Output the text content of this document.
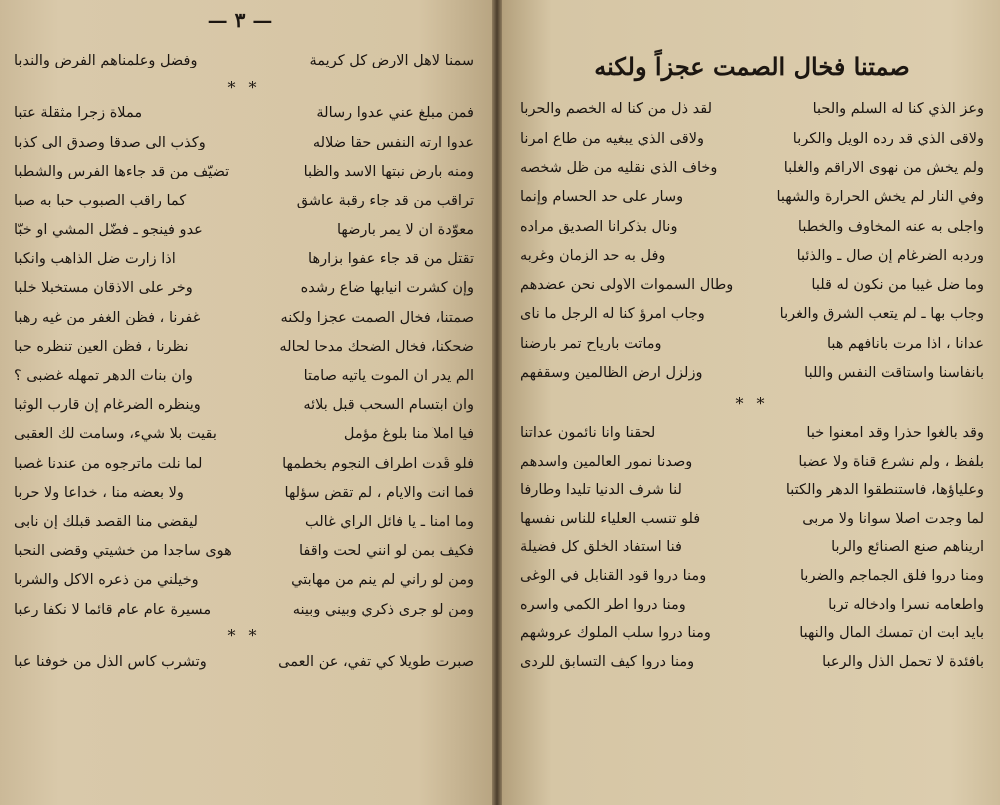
— ٣ —
سمنا لاهل الارض كل كريمة
وفضل وعلمناهم الفرض والندبا
* *
فمن مبلغ عني عدواً رسالة
مملاة زجراً مثقلة عتبا
عدواً أرته النفس حقاً ضلاله
وكذب الى صدقاً وصدق الى كذبا
ومنه بأرض نبتها الاسد والظبا
تضيّف من قد جاءها الفرس والشطبا
تراقب من قد جاء رقبة عاشق
كما راقب الصبوب حباً به صبا
معوّدة أن لا يمر بأرضها
عدو فينجو ـ فضّل المشي أو خبّا
تقتل من قد جاء عفواً بزأرها
اذا زأرت ضل الذاهب وانكبا
وإن كشرت أنيابها ضاع رشده
وخر على الأذقان مستخبلا خلبا
صمتنا، فخال الصمت عجزاً ولكنه
غفرنا ، فظن الغفر من غيه رهبا
ضحكنا، فخال الضحك مدحاً لحاله
نظرنا ، فظن العين تنظره حبا
ألم يدر أن الموت يأتيه صامتاً
وان بنات الدهر تمهله غضبى ؟
وأن ابتسام السحب قبل بلائه
وينظره الضرغام إن قارب الوثبا
فيا أملاً منا بلوغ مؤمل
بقيت بلا شيء، وسامت لك العقبى
فلو قُدت أطراف النجوم بخطمها
لما نلت ماترجوه من عندنا غصبا
فما أنت والايام ، لم تقض سؤلها
ولا بعضه منا ، خداعا ولا حربا
وما أمنا ـ يا فائل الرأي غالب
ليقضي منا القصد قبلك إن نابى
فكيف بمن لو أنني لحت واقفاً
هوى ساجداً من خشيتي وقضى النحبا
ومن لو رآني لم ينم من مهابتي
وخيلني من ذعره الاكل والشربا
ومن لو جرى ذكري وبيني وبينه
مسيرة عام عام قائماً لا نكفا رعبا
* *
صبرت طويلا كي تفي، عن العمى
وتشرب كأس الذل من خوفنا عبا
صمتنا فخال الصمت عجزاً ولكنه
وعز الذي كنا له السلم والحبا
لقد ذل من كنا له الخصم والحربا
ولاقى الذي قد رده الويل والكربا
ولاقى الذي يبغيه من طاع أمرنا
ولم يخش من نهوى الاراقم والغلبا
وخاف الذي نقليه من ظل شخصه
وفي النار لم يخش الحرارة والشهبا
وسار على حد الحسام وإنما
وأجلى به عنه المخاوف والخطبا
ونال بذكرانا الصديق مراده
وردبه الضرغام إن صال ـ والذئبا
وفل به حد الزمان وغربه
وما ضل غيباً من نكون له قلبا
وطال السموات الأولى نحن عضدهم
وجاب بها ـ لم يتعب الشرق والغربا
وجاب امرؤ كنا له الرجل ما نأى
عدانا ، اذا مرت بأنافهم هبا
وماتت بأرياح تمر بأرضنا
بأنفاسنا واستاقت النفس واللبا
وزلزل أرض الظالمين وسقفهم
* *
وقد بالغوا حذراً وقد أمعنوا خبا
لحقنا وانا نائمون عداتنا
بلفظ ، ولم نشرع قناة ولا عضبا
وصدنا نمور العالمين وأسدهم
وعلياؤها، فاستنطقوا الدهر والكتبا
لنا شرف الدنيا تليداً وطارفاً
لما وجدت أصلا سوانا ولا مربى
فلو تنسب العلياء للناس نفسها
أريناهم صنع الصنائع والربا
فنا استفاد الخلق كل فضيلة
ومنا دروا فلق الجماجم والضربا
ومنا دروا قود القنابل في الوغى
واطعامه نسراً وادخاله تربا
ومنا دروا أطر الكمي وأسره
بأيد أبت أن تمسك المال والنهبا
ومنا دروا سلب الملوك عروشهم
بأفئدة لا تحمل الذل والرعبا
ومنا دروا كيف التسابق للردى
